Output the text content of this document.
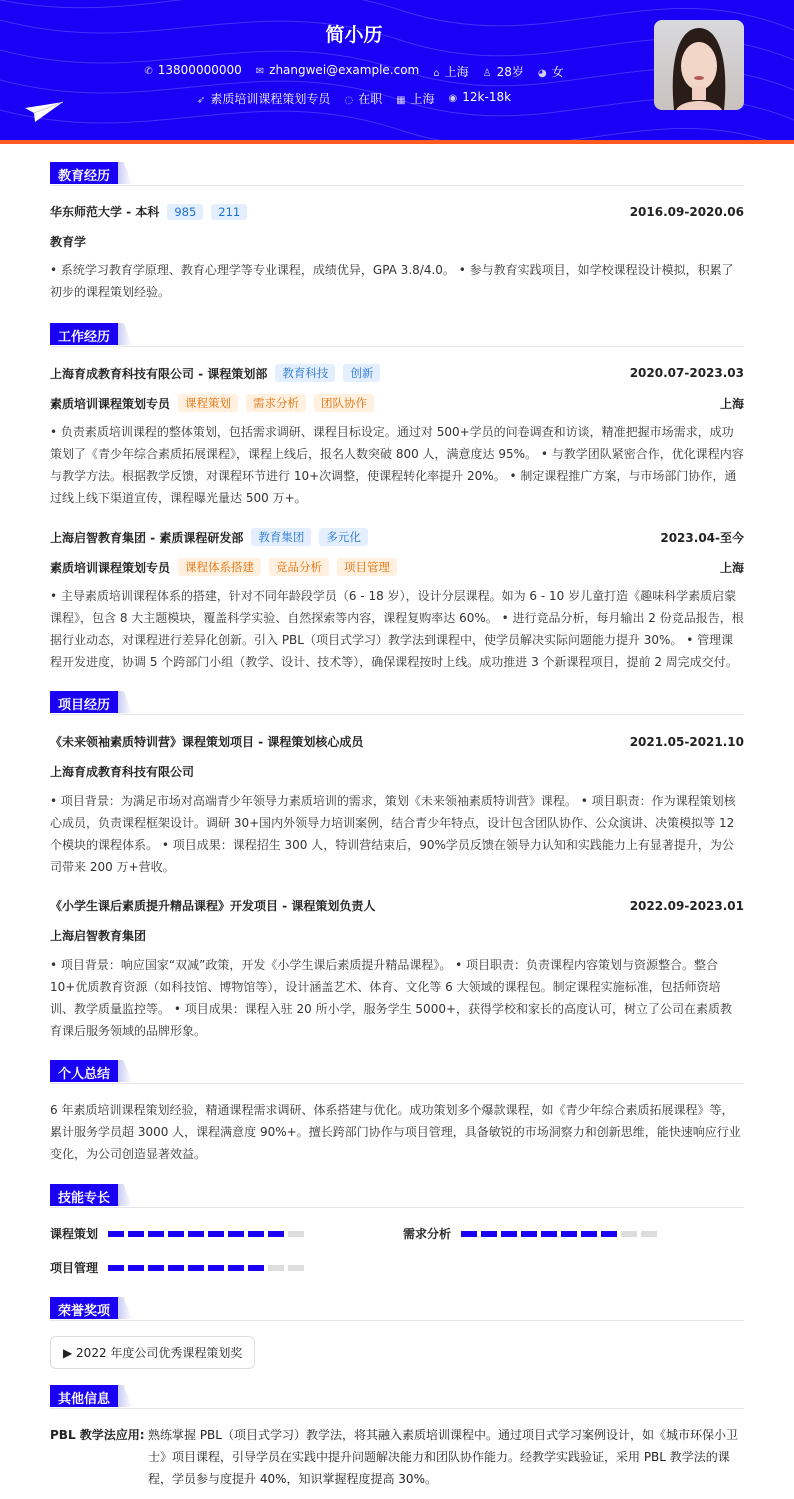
简小历
✆ 13800000000 ✉ zhangwei@example.com ⌂ 上海 ♙ 28岁 ◕ 女
➶ 素质培训课程策划专员 ◌ 在职 ▦ 上海 ◉ 12k-18k
教育经历
华东师范大学 - 本科	985	211	2016.09-2020.06
教育学
• 系统学习教育学原理、教育心理学等专业课程，成绩优异，GPA 3.8/4.0。 • 参与教育实践项目，如学校课程设计模拟，积累了初步的课程策划经验。
工作经历
上海育成教育科技有限公司 - 课程策划部	教育科技	创新	2020.07-2023.03
素质培训课程策划专员	课程策划	需求分析	团队协作	上海
• 负责素质培训课程的整体策划，包括需求调研、课程目标设定。通过对 500+学员的问卷调查和访谈，精准把握市场需求，成功策划了《青少年综合素质拓展课程》，课程上线后，报名人数突破 800 人，满意度达 95%。 • 与教学团队紧密合作，优化课程内容与教学方法。根据教学反馈，对课程环节进行 10+次调整，使课程转化率提升 20%。 • 制定课程推广方案，与市场部门协作，通过线上线下渠道宣传，课程曝光量达 500 万+。
上海启智教育集团 - 素质课程研发部	教育集团	多元化	2023.04-至今
素质培训课程策划专员	课程体系搭建	竞品分析	项目管理	上海
• 主导素质培训课程体系的搭建，针对不同年龄段学员（6 - 18 岁），设计分层课程。如为 6 - 10 岁儿童打造《趣味科学素质启蒙课程》，包含 8 大主题模块，覆盖科学实验、自然探索等内容，课程复购率达 60%。 • 进行竞品分析，每月输出 2 份竞品报告，根据行业动态，对课程进行差异化创新。引入 PBL（项目式学习）教学法到课程中，使学员解决实际问题能力提升 30%。 • 管理课程开发进度，协调 5 个跨部门小组（教学、设计、技术等），确保课程按时上线。成功推进 3 个新课程项目，提前 2 周完成交付。
项目经历
《未来领袖素质特训营》课程策划项目 - 课程策划核心成员	2021.05-2021.10
上海育成教育科技有限公司
• 项目背景：为满足市场对高端青少年领导力素质培训的需求，策划《未来领袖素质特训营》课程。 • 项目职责：作为课程策划核心成员，负责课程框架设计。调研 30+国内外领导力培训案例，结合青少年特点，设计包含团队协作、公众演讲、决策模拟等 12 个模块的课程体系。 • 项目成果：课程招生 300 人，特训营结束后，90%学员反馈在领导力认知和实践能力上有显著提升，为公司带来 200 万+营收。
《小学生课后素质提升精品课程》开发项目 - 课程策划负责人	2022.09-2023.01
上海启智教育集团
• 项目背景：响应国家“双减”政策，开发《小学生课后素质提升精品课程》。 • 项目职责：负责课程内容策划与资源整合。整合 10+优质教育资源（如科技馆、博物馆等），设计涵盖艺术、体育、文化等 6 大领域的课程包。制定课程实施标准，包括师资培训、教学质量监控等。 • 项目成果：课程入驻 20 所小学，服务学生 5000+，获得学校和家长的高度认可，树立了公司在素质教育课后服务领域的品牌形象。
个人总结
6 年素质培训课程策划经验，精通课程需求调研、体系搭建与优化。成功策划多个爆款课程，如《青少年综合素质拓展课程》等，累计服务学员超 3000 人，课程满意度 90%+。擅长跨部门协作与项目管理，具备敏锐的市场洞察力和创新思维，能快速响应行业变化，为公司创造显著效益。
技能专长
课程策划	需求分析
项目管理
荣誉奖项
▶ 2022 年度公司优秀课程策划奖
其他信息
PBL 教学法应用: 熟练掌握 PBL（项目式学习）教学法，将其融入素质培训课程中。通过项目式学习案例设计，如《城市环保小卫士》项目课程，引导学员在实践中提升问题解决能力和团队协作能力。经教学实践验证，采用 PBL 教学法的课程，学员参与度提升 40%，知识掌握程度提高 30%。
